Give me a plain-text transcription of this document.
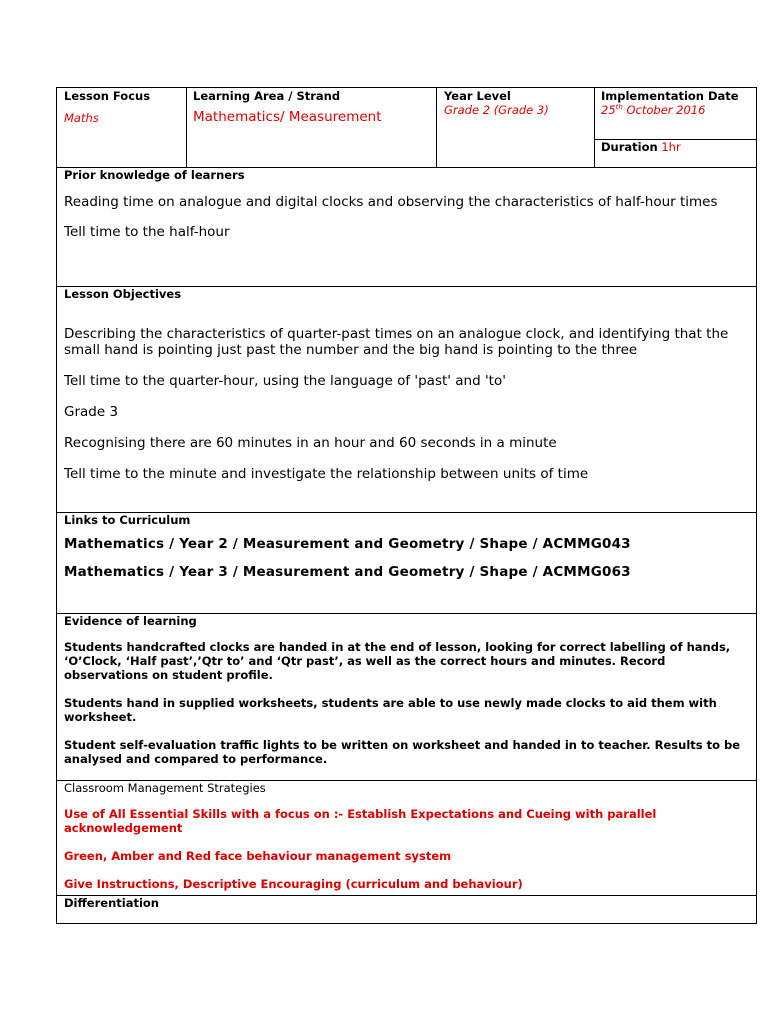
Lesson Focus
Maths

Learning Area / Strand
Mathematics/ Measurement

Year Level
Grade 2 (Grade 3)

Implementation Date
25th October 2016

Duration 1hr

Prior knowledge of learners

Reading time on analogue and digital clocks and observing the characteristics of half-hour times

Tell time to the half-hour

Lesson Objectives

Describing the characteristics of quarter-past times on an analogue clock, and identifying that the small hand is pointing just past the number and the big hand is pointing to the three

Tell time to the quarter-hour, using the language of 'past' and 'to'

Grade 3

Recognising there are 60 minutes in an hour and 60 seconds in a minute

Tell time to the minute and investigate the relationship between units of time

Links to Curriculum

Mathematics / Year 2 / Measurement and Geometry / Shape / ACMMG043

Mathematics / Year 3 / Measurement and Geometry / Shape / ACMMG063

Evidence of learning

Students handcrafted clocks are handed in at the end of lesson, looking for correct labelling of hands, ‘O’Clock, ‘Half past’,’Qtr to’ and ‘Qtr past’, as well as the correct hours and minutes. Record observations on student profile.

Students hand in supplied worksheets, students are able to use newly made clocks to aid them with worksheet.

Student self-evaluation traffic lights to be written on worksheet and handed in to teacher. Results to be analysed and compared to performance.

Classroom Management Strategies

Use of All Essential Skills with a focus on :- Establish Expectations and Cueing with parallel acknowledgement

Green, Amber and Red face behaviour management system

Give Instructions, Descriptive Encouraging (curriculum and behaviour)

Differentiation
